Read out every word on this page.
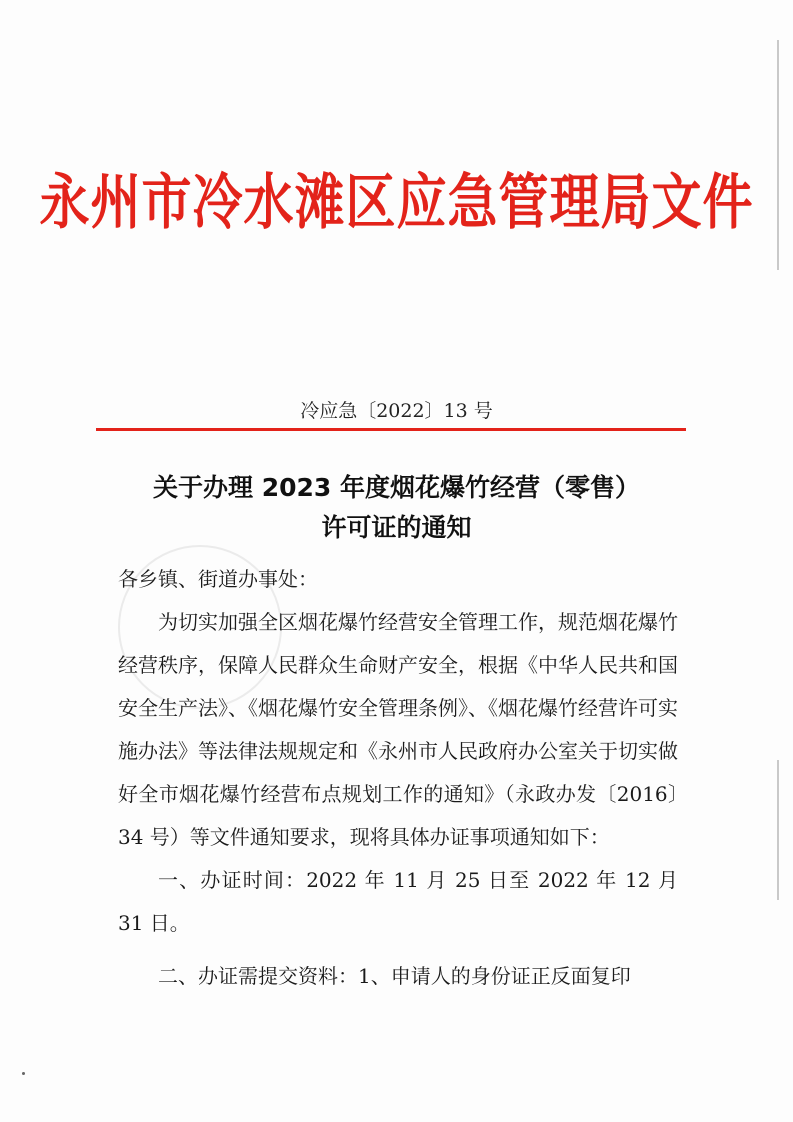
永州市冷水滩区应急管理局文件
冷应急〔2022〕13 号
关于办理 2023 年度烟花爆竹经营（零售）
许可证的通知

各乡镇、街道办事处：

为切实加强全区烟花爆竹经营安全管理工作，规范烟花爆竹经营秩序，保障人民群众生命财产安全，根据《中华人民共和国安全生产法》、《烟花爆竹安全管理条例》、《烟花爆竹经营许可实施办法》等法律法规规定和《永州市人民政府办公室关于切实做好全市烟花爆竹经营布点规划工作的通知》（永政办发〔2016〕34 号）等文件通知要求，现将具体办证事项通知如下：

一、办证时间：2022 年 11 月 25 日至 2022 年 12 月 31 日。

二、办证需提交资料：1、申请人的身份证正反面复印
